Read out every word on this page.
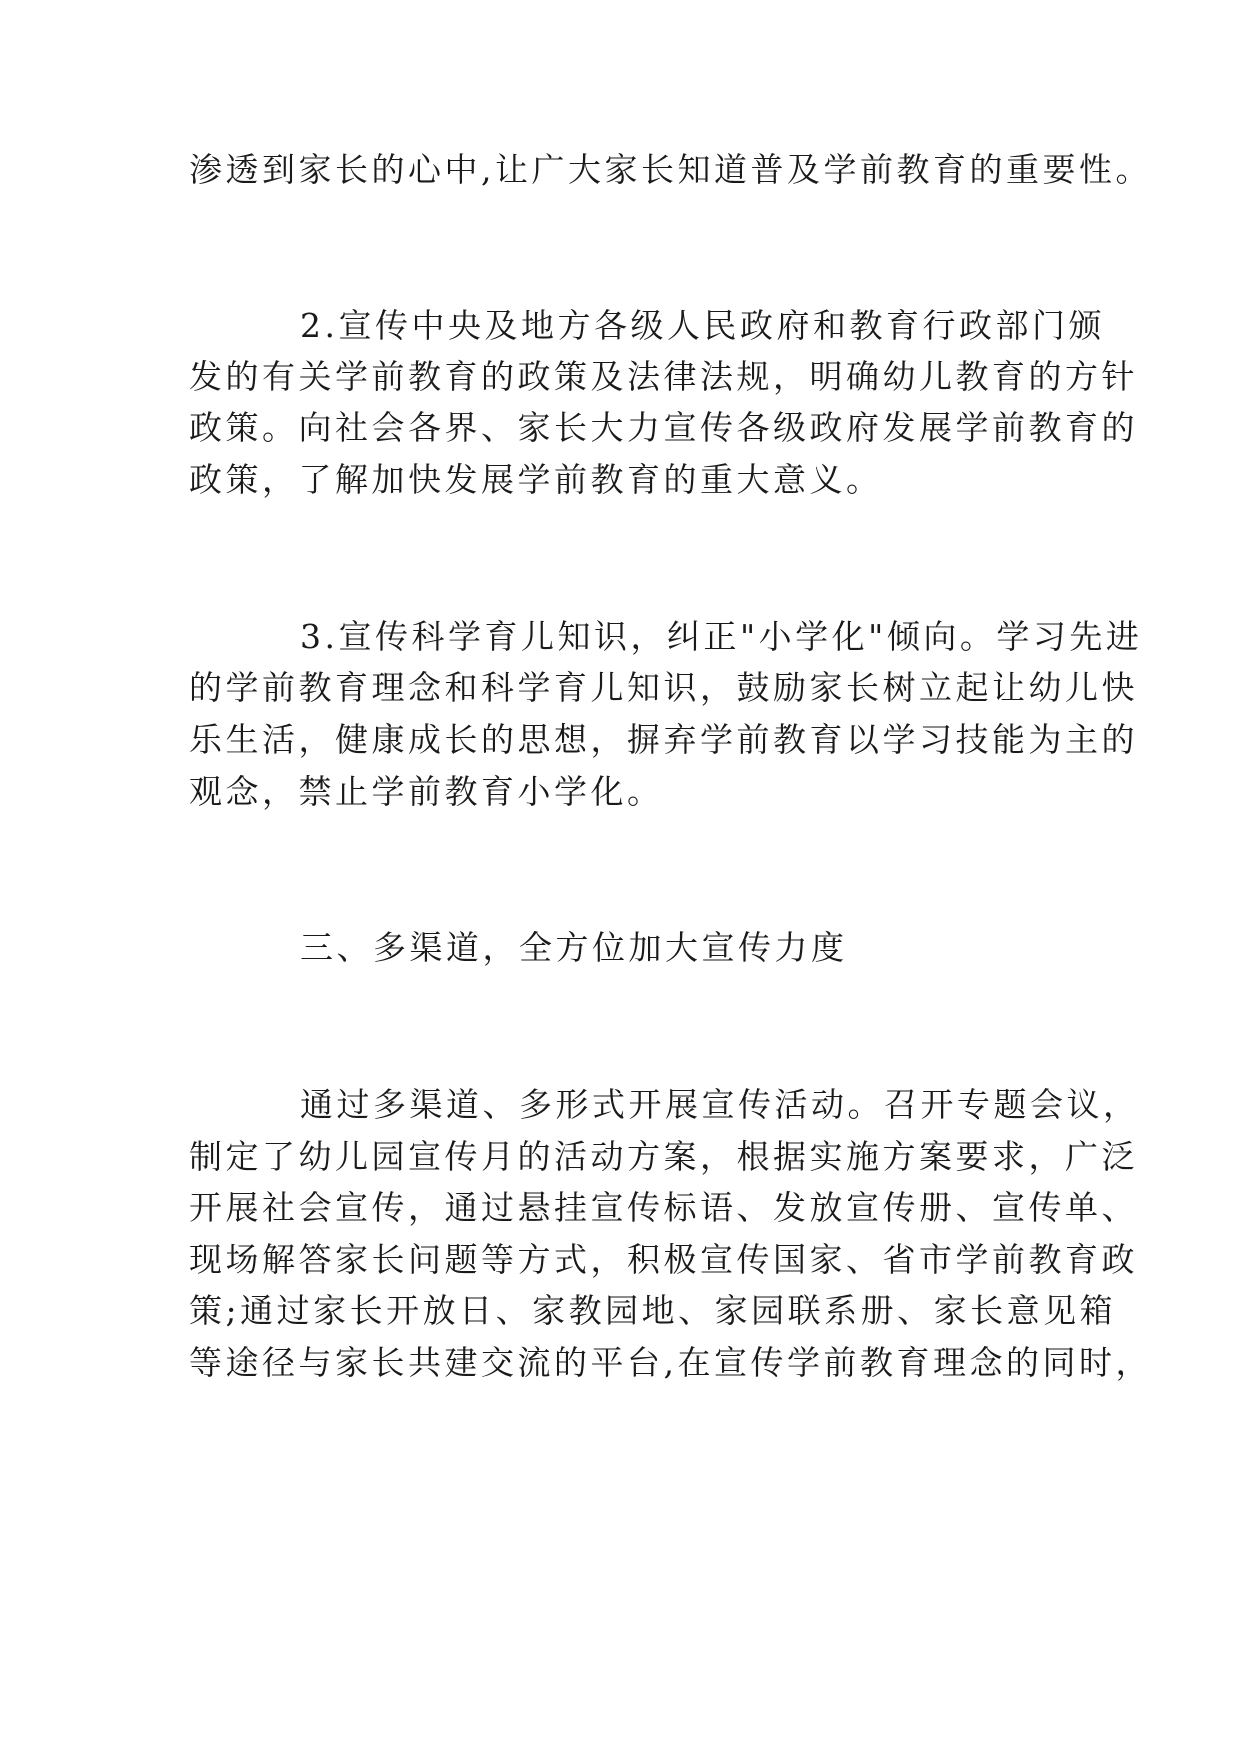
渗透到家长的心中,让广大家长知道普及学前教育的重要性。
2.宣传中央及地方各级人民政府和教育行政部门颁
发的有关学前教育的政策及法律法规，明确幼儿教育的方针
政策。向社会各界、家长大力宣传各级政府发展学前教育的
政策，了解加快发展学前教育的重大意义。
3.宣传科学育儿知识，纠正"小学化"倾向。学习先进
的学前教育理念和科学育儿知识，鼓励家长树立起让幼儿快
乐生活，健康成长的思想，摒弃学前教育以学习技能为主的
观念，禁止学前教育小学化。
三、多渠道，全方位加大宣传力度
通过多渠道、多形式开展宣传活动。召开专题会议，
制定了幼儿园宣传月的活动方案，根据实施方案要求，广泛
开展社会宣传，通过悬挂宣传标语、发放宣传册、宣传单、
现场解答家长问题等方式，积极宣传国家、省市学前教育政
策;通过家长开放日、家教园地、家园联系册、家长意见箱
等途径与家长共建交流的平台,在宣传学前教育理念的同时，
